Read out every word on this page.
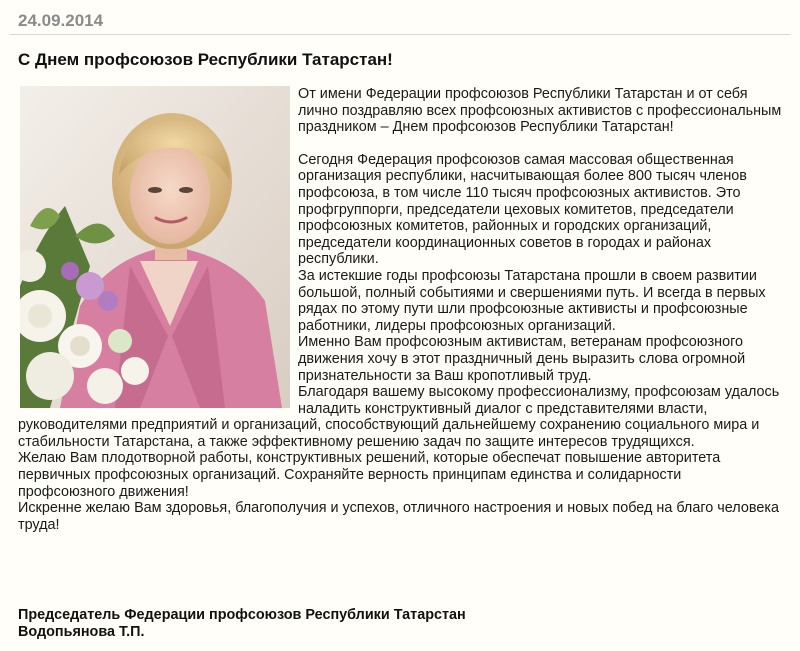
24.09.2014
С Днем профсоюзов Республики Татарстан!

От имени Федерации профсоюзов Республики Татарстан и от себя лично поздравляю всех профсоюзных активистов с профессиональным праздником – Днем профсоюзов Республики Татарстан!

Сегодня Федерация профсоюзов самая массовая общественная организация республики, насчитывающая более 800 тысяч членов профсоюза, в том числе 110 тысяч профсоюзных активистов. Это профгруппорги, председатели цеховых комитетов, председатели профсоюзных комитетов, районных и городских организаций, председатели координационных советов в городах и районах республики.

За истекшие годы профсоюзы Татарстана прошли в своем развитии большой, полный событиями и свершениями путь. И всегда в первых рядах по этому пути шли профсоюзные активисты и профсоюзные работники, лидеры профсоюзных организаций.

Именно Вам профсоюзным активистам, ветеранам профсоюзного движения хочу в этот праздничный день выразить слова огромной признательности за Ваш кропотливый труд.

Благодаря вашему высокому профессионализму, профсоюзам удалось наладить конструктивный диалог с представителями власти, руководителями предприятий и организаций, способствующий дальнейшему сохранению социального мира и стабильности Татарстана, а также эффективному решению задач по защите интересов трудящихся.

Желаю Вам плодотворной работы, конструктивных решений, которые обеспечат повышение авторитета первичных профсоюзных организаций. Сохраняйте верность принципам единства и солидарности профсоюзного движения!

Искренне желаю Вам здоровья, благополучия и успехов, отличного настроения и новых побед на благо человека труда!

Председатель Федерации профсоюзов Республики Татарстан
Водопьянова Т.П.
